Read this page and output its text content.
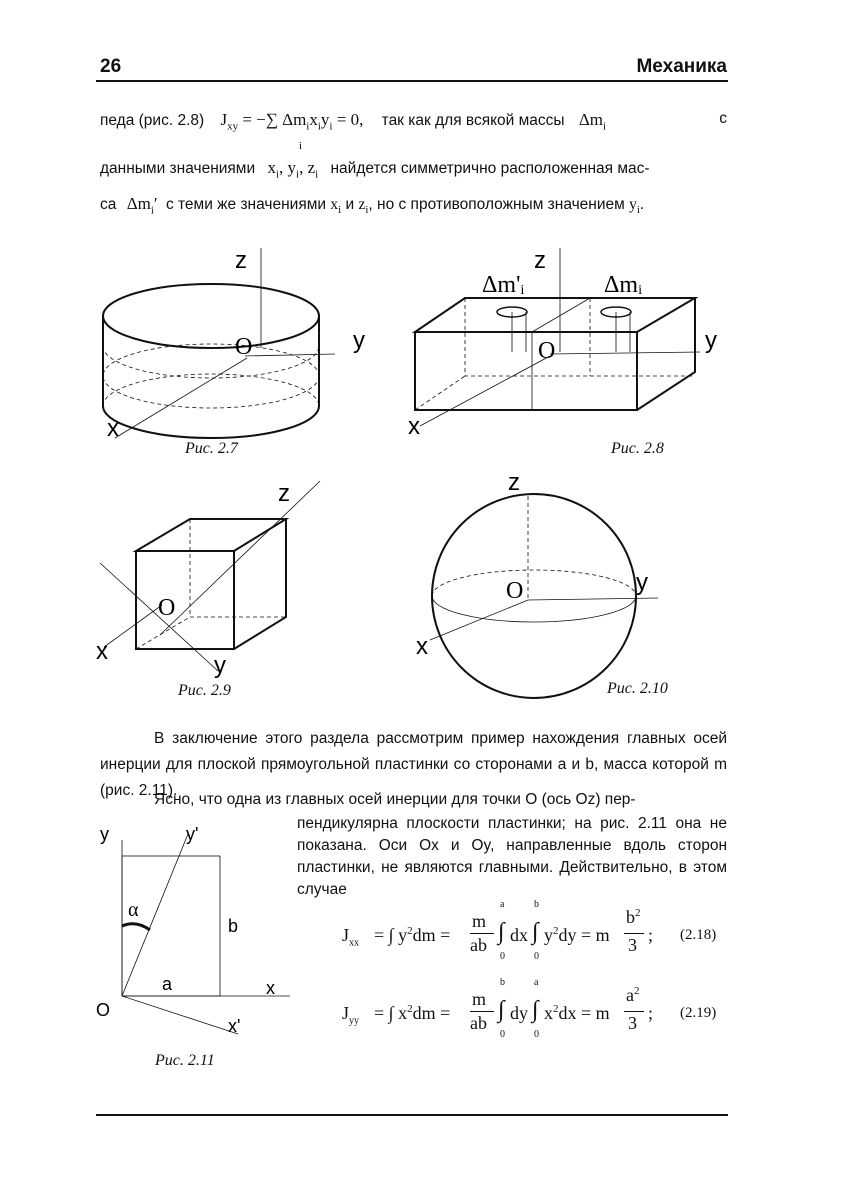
26	Механика
педа (рис. 2.8) $J_{xy}$ = −∑ $\Delta m_ix_iy_i = 0$, так как для всякой массы $\Delta m_i$	с
i
данными значениями $x_i$, $y_i$, $z_i$ найдется симметрично расположенная мас-
са $\Delta m_i'$ с теми же значениями $x_i$ и $z_i$, но с противоположным значением $y_i$.
z
y
x
O
Рис. 2.7
z
y
x
O
Δm'ᵢ	Δmᵢ
Рис. 2.8
z
y
x
O
Рис. 2.9
z
y
x
O
Рис. 2.10
В заключение этого раздела рассмотрим пример нахождения главных осей инерции для плоской прямоугольной пластинки со сторонами a и b, масса которой m (рис. 2.11).
Ясно, что одна из главных осей инерции для точки O (ось Oz) пер-
пендикулярна плоскости пластинки; на рис. 2.11 она не показана. Оси Ox и Oy, направленные вдоль сторон пластинки, не являются главными. Действительно, в этом случае
y	y'
x
x'
O
a
b
α
Рис. 2.11
$J_{xx}$ = ∫ $y^2dm$ =
m
ab ∫
a
0
dx ∫
b
0
$y^2dy = m$
$b^2$
3 ; (2.18)
$J_{yy}$ = ∫ $x^2dm$ =
m
ab ∫
b
0
dy ∫
a
0
$x^2dx = m$
$a^2$
3 ; (2.19)
